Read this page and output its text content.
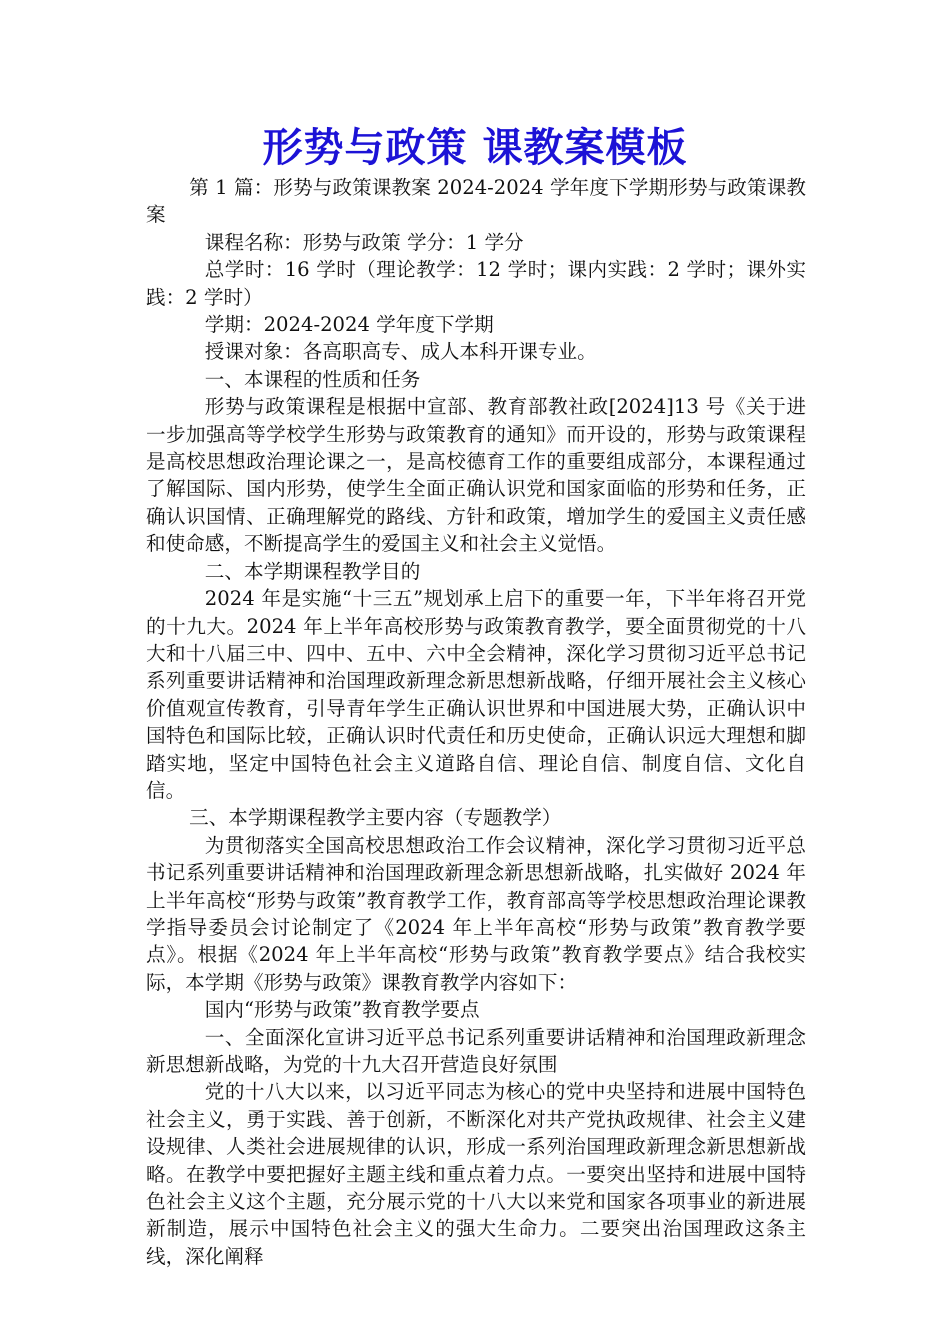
形势与政策 课教案模板

第 1 篇：形势与政策课教案 2024-2024 学年度下学期形势与政策课教案

课程名称：形势与政策 学分：1 学分

总学时：16 学时（理论教学：12 学时；课内实践：2 学时；课外实践：2 学时）

学期：2024-2024 学年度下学期

授课对象：各高职高专、成人本科开课专业。

一、本课程的性质和任务

形势与政策课程是根据中宣部、教育部教社政[2024]13 号《关于进一步加强高等学校学生形势与政策教育的通知》而开设的，形势与政策课程是高校思想政治理论课之一，是高校德育工作的重要组成部分，本课程通过了解国际、国内形势，使学生全面正确认识党和国家面临的形势和任务，正确认识国情、正确理解党的路线、方针和政策，增加学生的爱国主义责任感和使命感，不断提高学生的爱国主义和社会主义觉悟。

二、本学期课程教学目的

2024 年是实施“十三五”规划承上启下的重要一年，下半年将召开党的十九大。2024 年上半年高校形势与政策教育教学，要全面贯彻党的十八大和十八届三中、四中、五中、六中全会精神，深化学习贯彻习近平总书记系列重要讲话精神和治国理政新理念新思想新战略，仔细开展社会主义核心价值观宣传教育，引导青年学生正确认识世界和中国进展大势，正确认识中国特色和国际比较，正确认识时代责任和历史使命，正确认识远大理想和脚踏实地，坚定中国特色社会主义道路自信、理论自信、制度自信、文化自信。

三、本学期课程教学主要内容（专题教学）

为贯彻落实全国高校思想政治工作会议精神，深化学习贯彻习近平总书记系列重要讲话精神和治国理政新理念新思想新战略，扎实做好 2024 年上半年高校“形势与政策”教育教学工作，教育部高等学校思想政治理论课教学指导委员会讨论制定了《2024 年上半年高校“形势与政策”教育教学要点》。根据《2024 年上半年高校“形势与政策”教育教学要点》结合我校实际，本学期《形势与政策》课教育教学内容如下：

国内“形势与政策”教育教学要点

一、全面深化宣讲习近平总书记系列重要讲话精神和治国理政新理念新思想新战略，为党的十九大召开营造良好氛围

党的十八大以来，以习近平同志为核心的党中央坚持和进展中国特色社会主义，勇于实践、善于创新，不断深化对共产党执政规律、社会主义建设规律、人类社会进展规律的认识，形成一系列治国理政新理念新思想新战略。在教学中要把握好主题主线和重点着力点。一要突出坚持和进展中国特色社会主义这个主题，充分展示党的十八大以来党和国家各项事业的新进展新制造，展示中国特色社会主义的强大生命力。二要突出治国理政这条主线，深化阐释
